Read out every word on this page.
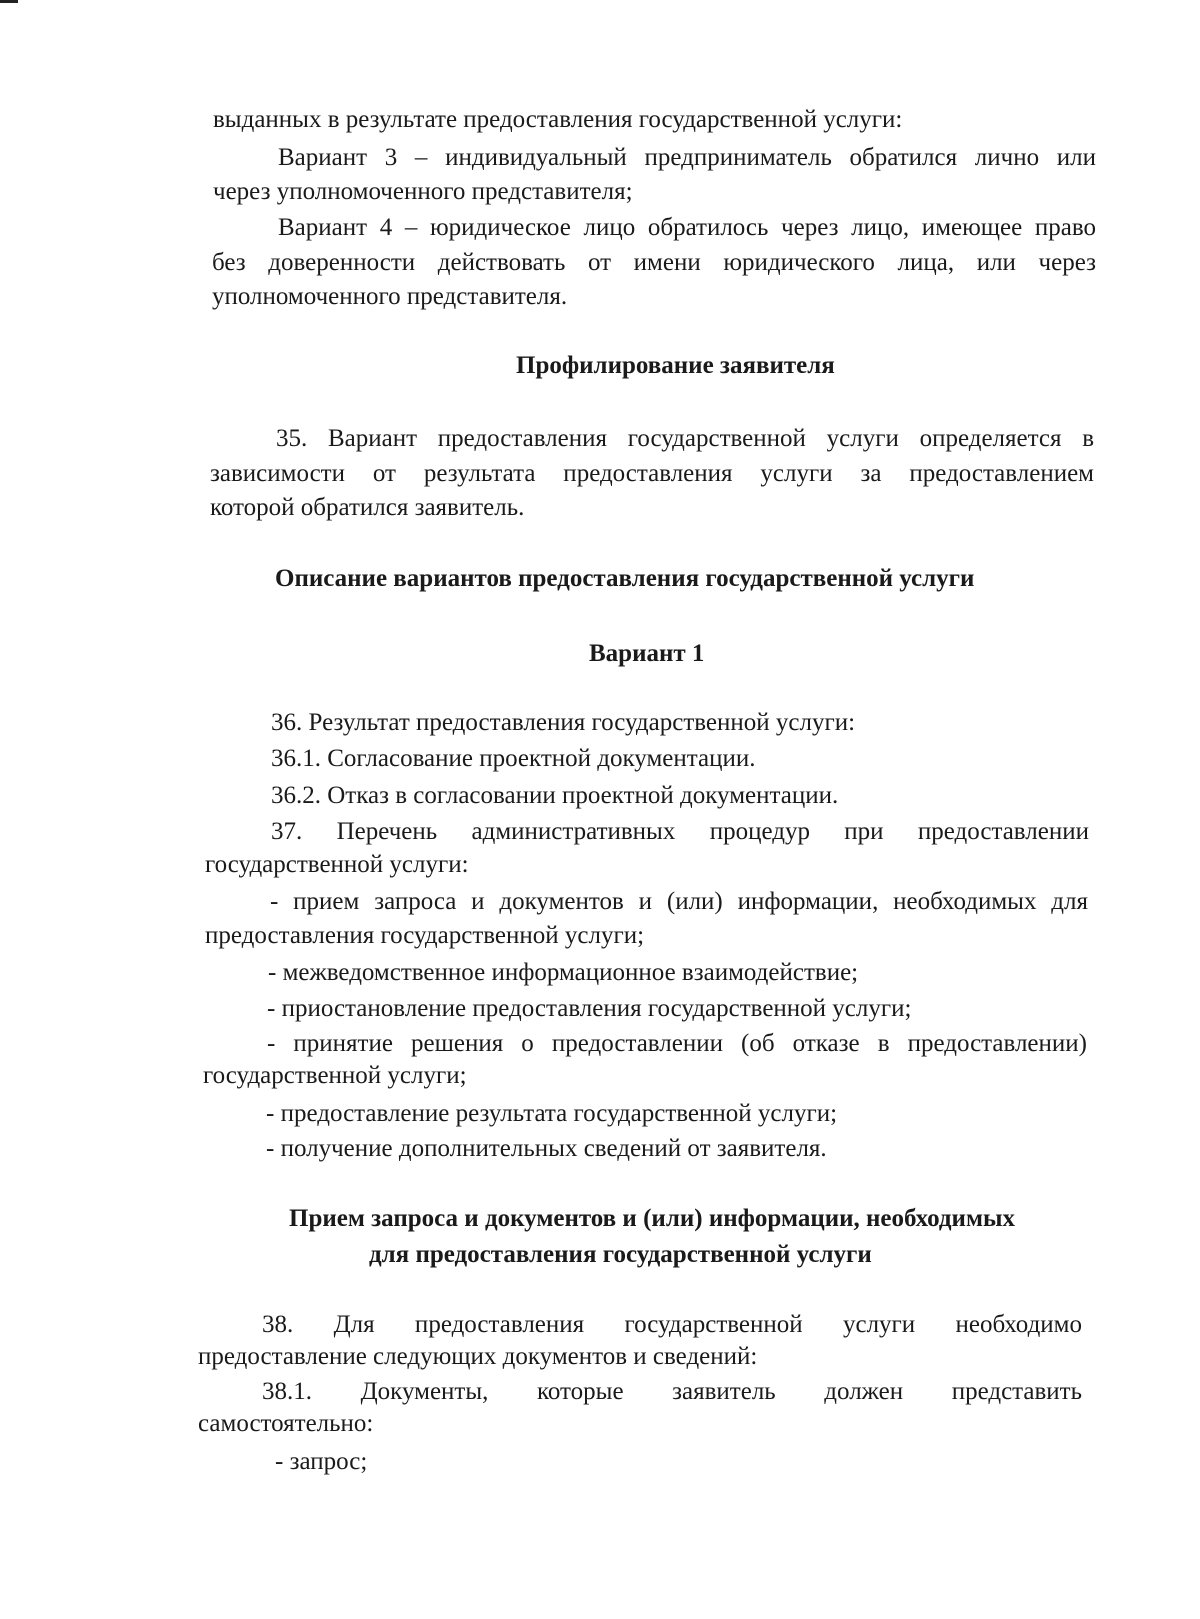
выданных в результате предоставления государственной услуги:
Вариант 3 – индивидуальный предприниматель обратился лично или
через уполномоченного представителя;
Вариант 4 – юридическое лицо обратилось через лицо, имеющее право
без доверенности действовать от имени юридического лица, или через
уполномоченного представителя.
Профилирование заявителя
35. Вариант предоставления государственной услуги определяется в
зависимости от результата предоставления услуги за предоставлением
которой обратился заявитель.
Описание вариантов предоставления государственной услуги
Вариант 1
36. Результат предоставления государственной услуги:
36.1. Согласование проектной документации.
36.2. Отказ в согласовании проектной документации.
37. Перечень административных процедур при предоставлении
государственной услуги:
- прием запроса и документов и (или) информации, необходимых для
предоставления государственной услуги;
- межведомственное информационное взаимодействие;
- приостановление предоставления государственной услуги;
- принятие решения о предоставлении (об отказе в предоставлении)
государственной услуги;
- предоставление результата государственной услуги;
- получение дополнительных сведений от заявителя.
Прием запроса и документов и (или) информации, необходимых
для предоставления государственной услуги
38. Для предоставления государственной услуги необходимо
предоставление следующих документов и сведений:
38.1. Документы, которые заявитель должен представить
самостоятельно:
- запрос;
